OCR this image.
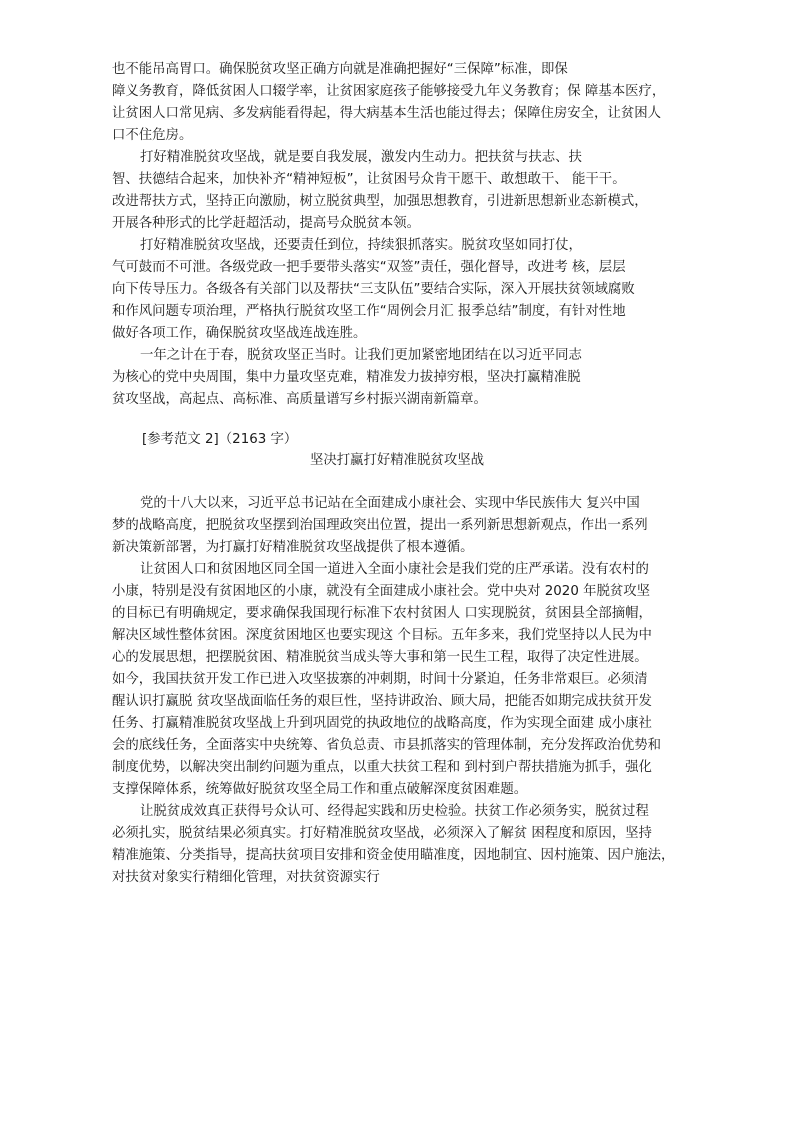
也不能吊高胃口。确保脱贫攻坚正确方向就是准确把握好“三保障”标准，即保
障义务教育，降低贫困人口辍学率，让贫困家庭孩子能够接受九年义务教育；保 障基本医疗，
让贫困人口常见病、多发病能看得起，得大病基本生活也能过得去；保障住房安全，让贫困人
口不住危房。
打好精准脱贫攻坚战，就是要自我发展，激发内生动力。把扶贫与扶志、扶
智、扶德结合起来，加快补齐“精神短板”，让贫困号众肯干愿干、敢想敢干、 能干干。
改进帮扶方式，坚持正向激励，树立脱贫典型，加强思想教育，引进新思想新业态新模式，
开展各种形式的比学赶超活动，提高号众脱贫本领。
打好精准脱贫攻坚战，还要责任到位，持续狠抓落实。脱贫攻坚如同打仗，
气可鼓而不可泄。各级党政一把手要带头落实“双签”责任，强化督导，改进考 核，层层
向下传导压力。各级各有关部门以及帮扶“三支队伍”要结合实际，深入开展扶贫领域腐败
和作风问题专项治理，严格执行脱贫攻坚工作“周例会月汇 报季总结”制度，有针对性地
做好各项工作，确保脱贫攻坚战连战连胜。
一年之计在于春，脱贫攻坚正当时。让我们更加紧密地团结在以习近平同志
为核心的党中央周围，集中力量攻坚克难，精准发力拔掉穷根，坚决打赢精准脱
贫攻坚战，高起点、高标准、高质量谱写乡村振兴湖南新篇章。
[参考范文 2]（2163 字）
坚决打赢打好精准脱贫攻坚战
党的十八大以来，习近平总书记站在全面建成小康社会、实现中华民族伟大 复兴中国
梦的战略高度，把脱贫攻坚摆到治国理政突出位置，提出一系列新思想新观点，作出一系列
新决策新部署，为打赢打好精准脱贫攻坚战提供了根本遵循。
让贫困人口和贫困地区同全国一道进入全面小康社会是我们党的庄严承诺。没有农村的
小康，特别是没有贫困地区的小康，就没有全面建成小康社会。党中央对 2020 年脱贫攻坚
的目标已有明确规定，要求确保我国现行标准下农村贫困人 口实现脱贫，贫困县全部摘帽，
解决区域性整体贫困。深度贫困地区也要实现这 个目标。五年多来，我们党坚持以人民为中
心的发展思想，把摆脱贫困、精准脱贫当成头等大事和第一民生工程，取得了决定性进展。
如今，我国扶贫开发工作已进入攻坚拔寨的冲刺期，时间十分紧迫，任务非常艰巨。必须清
醒认识打赢脱 贫攻坚战面临任务的艰巨性，坚持讲政治、顾大局，把能否如期完成扶贫开发
任务、打赢精准脱贫攻坚战上升到巩固党的执政地位的战略高度，作为实现全面建 成小康社
会的底线任务，全面落实中央统筹、省负总责、市县抓落实的管理体制，充分发挥政治优势和
制度优势，以解决突出制约问题为重点，以重大扶贫工程和 到村到户帮扶措施为抓手，强化
支撑保障体系，统筹做好脱贫攻坚全局工作和重点破解深度贫困难题。
让脱贫成效真正获得号众认可、经得起实践和历史检验。扶贫工作必须务实，脱贫过程
必须扎实，脱贫结果必须真实。打好精准脱贫攻坚战，必须深入了解贫 困程度和原因，坚持
精准施策、分类指导，提高扶贫项目安排和资金使用瞄准度，因地制宜、因村施策、因户施法，
对扶贫对象实行精细化管理，对扶贫资源实行
